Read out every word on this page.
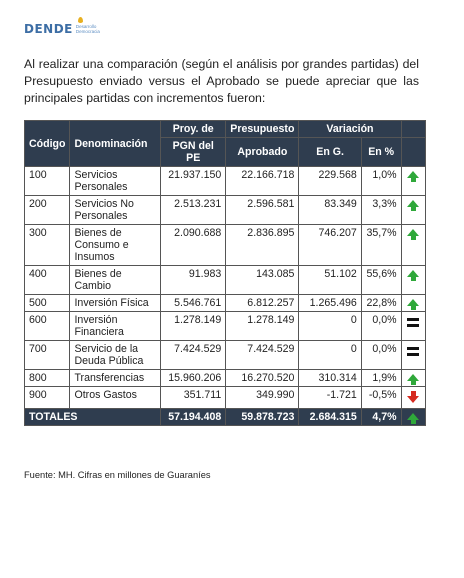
DENDE Desarrollo
Democracia

Al realizar una comparación (según el análisis por grandes partidas) del Presupuesto enviado versus el Aprobado se puede apreciar que las principales partidas con incrementos fueron:

Código	Denominación	Proy. de	Presupuesto	Variación		
		PGN del PE	Aprobado	En G.	En %	
100	Servicios Personales	21.937.150	22.166.718	229.568	1,0%	
200	Servicios No Personales	2.513.231	2.596.581	83.349	3,3%	
300	Bienes de Consumo e Insumos	2.090.688	2.836.895	746.207	35,7%	
400	Bienes de Cambio	91.983	143.085	51.102	55,6%	
500	Inversión Física	5.546.761	6.812.257	1.265.496	22,8%	
600	Inversión Financiera	1.278.149	1.278.149	0	0,0%	
700	Servicio de la Deuda Pública	7.424.529	7.424.529	0	0,0%	
800	Transferencias	15.960.206	16.270.520	310.314	1,9%	
900	Otros Gastos	351.711	349.990	-1.721	-0,5%	
TOTALES		57.194.408	59.878.723	2.684.315	4,7%	
Fuente: MH. Cifras en millones de Guaraníes
